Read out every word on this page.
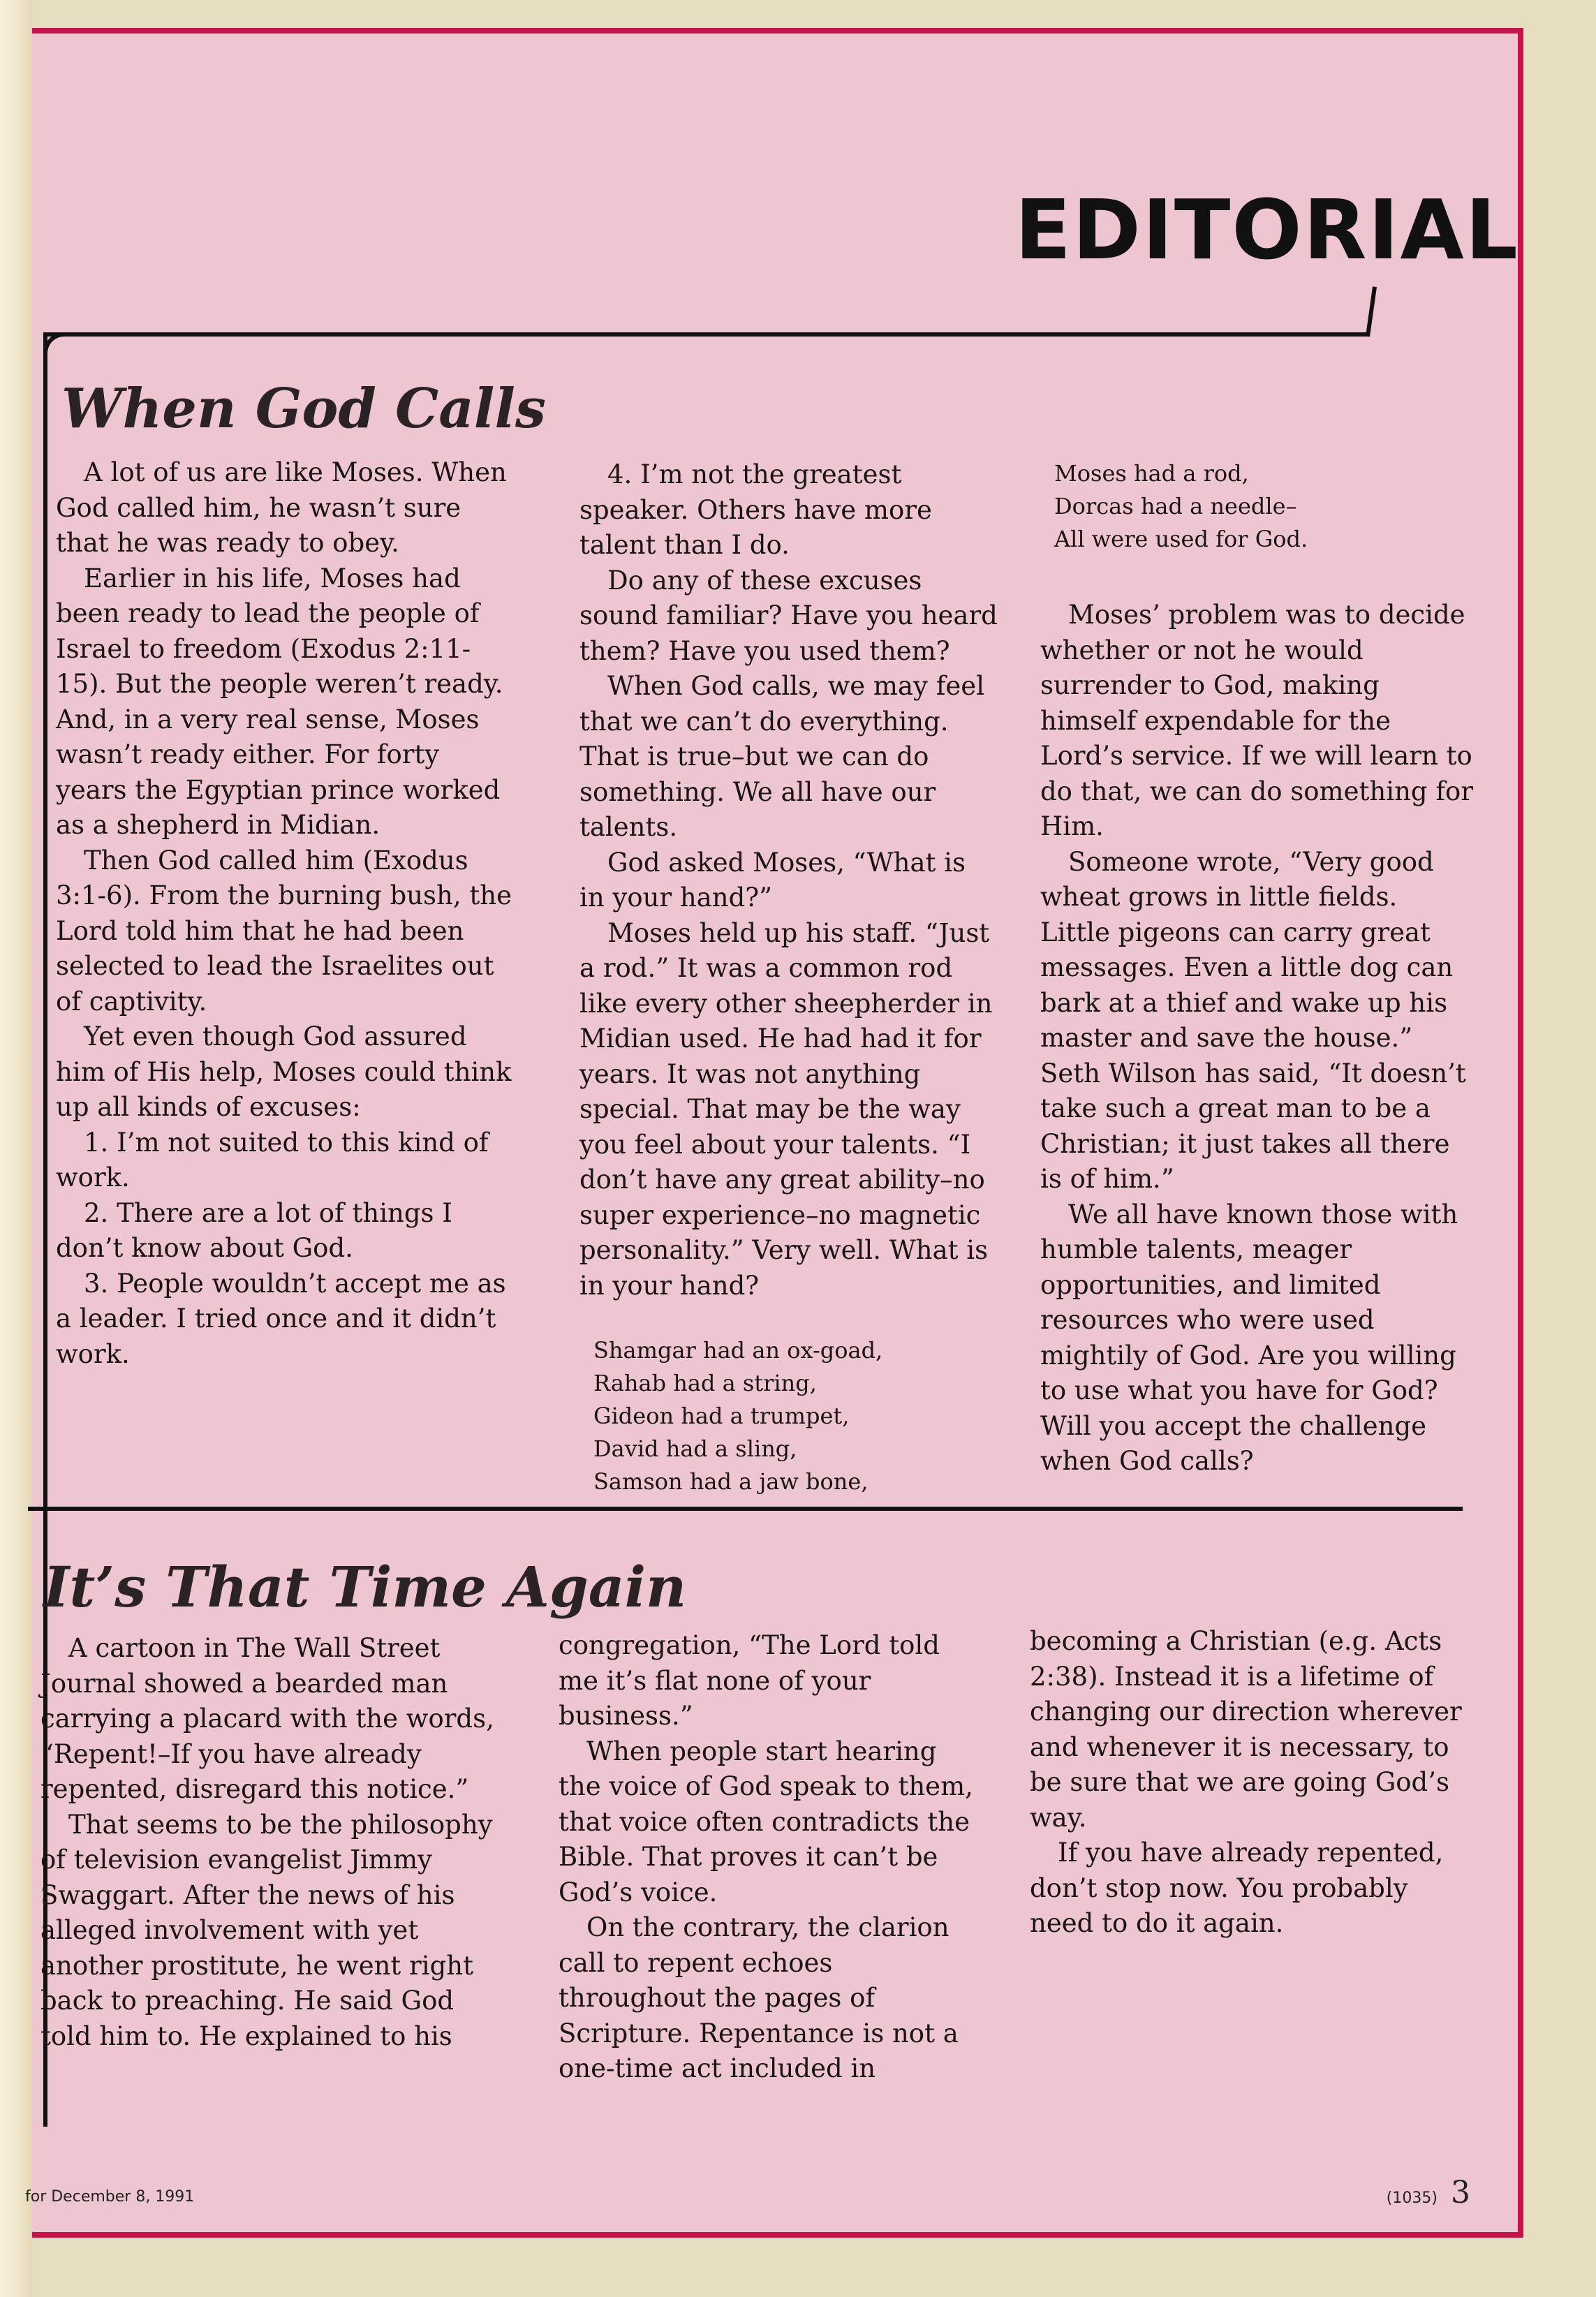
EDITORIAL
When God Calls

A lot of us are like Moses. When God called him, he wasn’t sure that he was ready to obey.

Earlier in his life, Moses had been ready to lead the people of Israel to freedom (Exodus 2:11-15). But the people weren’t ready. And, in a very real sense, Moses wasn’t ready either. For forty years the Egyptian prince worked as a shepherd in Midian.

Then God called him (Exodus 3:1-6). From the burning bush, the Lord told him that he had been selected to lead the Israelites out of captivity.

Yet even though God assured him of His help, Moses could think up all kinds of excuses:

1. I’m not suited to this kind of work.

2. There are a lot of things I don’t know about God.

3. People wouldn’t accept me as a leader. I tried once and it didn’t work.

4. I’m not the greatest speaker. Others have more talent than I do.

Do any of these excuses sound familiar? Have you heard them? Have you used them?

When God calls, we may feel that we can’t do everything. That is true–but we can do something. We all have our talents.

God asked Moses, “What is in your hand?”

Moses held up his staff. “Just a rod.” It was a common rod like every other sheepherder in Midian used. He had had it for years. It was not anything special. That may be the way you feel about your talents. “I don’t have any great ability–no super experience–no magnetic personality.” Very well. What is in your hand?

Shamgar had an ox-goad,
Rahab had a string,
Gideon had a trumpet,
David had a sling,
Samson had a jaw bone,
Moses had a rod,
Dorcas had a needle–
All were used for God.

Moses’ problem was to decide whether or not he would surrender to God, making himself expendable for the Lord’s service. If we will learn to do that, we can do something for Him.

Someone wrote, “Very good wheat grows in little fields. Little pigeons can carry great messages. Even a little dog can bark at a thief and wake up his master and save the house.” Seth Wilson has said, “It doesn’t take such a great man to be a Christian; it just takes all there is of him.”

We all have known those with humble talents, meager opportunities, and limited resources who were used mightily of God. Are you willing to use what you have for God? Will you accept the challenge when God calls?

It’s That Time Again

A cartoon in The Wall Street Journal showed a bearded man carrying a placard with the words, “Repent!–If you have already repented, disregard this notice.”

That seems to be the philosophy of television evangelist Jimmy Swaggart. After the news of his alleged involvement with yet another prostitute, he went right back to preaching. He said God told him to. He explained to his

congregation, “The Lord told me it’s flat none of your business.”

When people start hearing the voice of God speak to them, that voice often contradicts the Bible. That proves it can’t be God’s voice.

On the contrary, the clarion call to repent echoes throughout the pages of Scripture. Repentance is not a one-time act included in

becoming a Christian (e.g. Acts 2:38). Instead it is a lifetime of changing our direction wherever and whenever it is necessary, to be sure that we are going God’s way.

If you have already repented, don’t stop now. You probably need to do it again.

for December 8, 1991	(1035) 3
